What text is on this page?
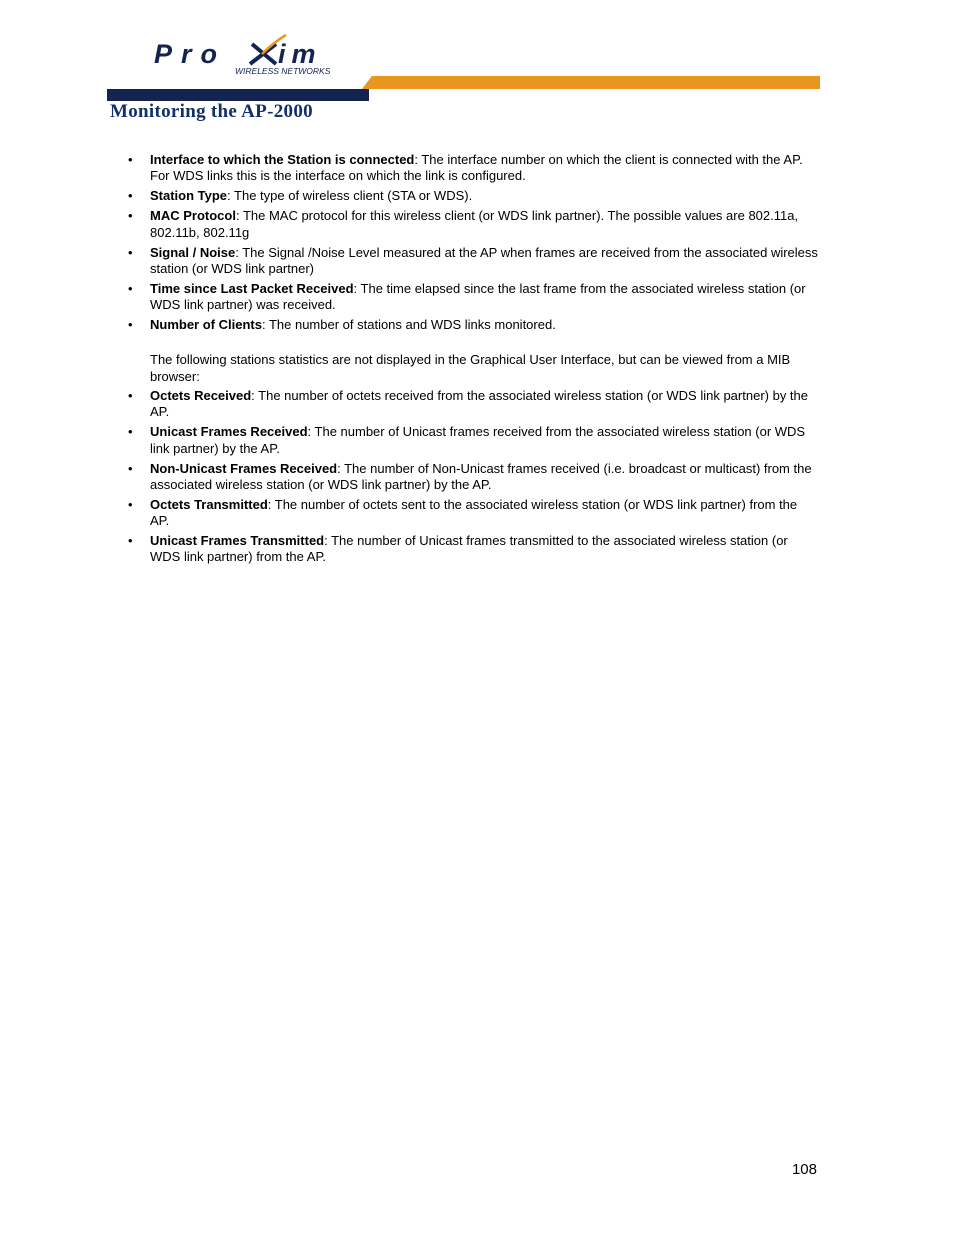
Pro im
WIRELESS NETWORKS
Monitoring the AP-2000
• Interface to which the Station is connected: The interface number on which the client is connected with the AP. For WDS links this is the interface on which the link is configured.
• Station Type: The type of wireless client (STA or WDS).
• MAC Protocol: The MAC protocol for this wireless client (or WDS link partner). The possible values are 802.11a, 802.11b, 802.11g
• Signal / Noise: The Signal /Noise Level measured at the AP when frames are received from the associated wireless station (or WDS link partner)
• Time since Last Packet Received: The time elapsed since the last frame from the associated wireless station (or WDS link partner) was received.
• Number of Clients: The number of stations and WDS links monitored.
The following stations statistics are not displayed in the Graphical User Interface, but can be viewed from a MIB browser:
• Octets Received: The number of octets received from the associated wireless station (or WDS link partner) by the AP.
• Unicast Frames Received: The number of Unicast frames received from the associated wireless station (or WDS link partner) by the AP.
• Non-Unicast Frames Received: The number of Non-Unicast frames received (i.e. broadcast or multicast) from the associated wireless station (or WDS link partner) by the AP.
• Octets Transmitted: The number of octets sent to the associated wireless station (or WDS link partner) from the AP.
• Unicast Frames Transmitted: The number of Unicast frames transmitted to the associated wireless station (or WDS link partner) from the AP.
108
